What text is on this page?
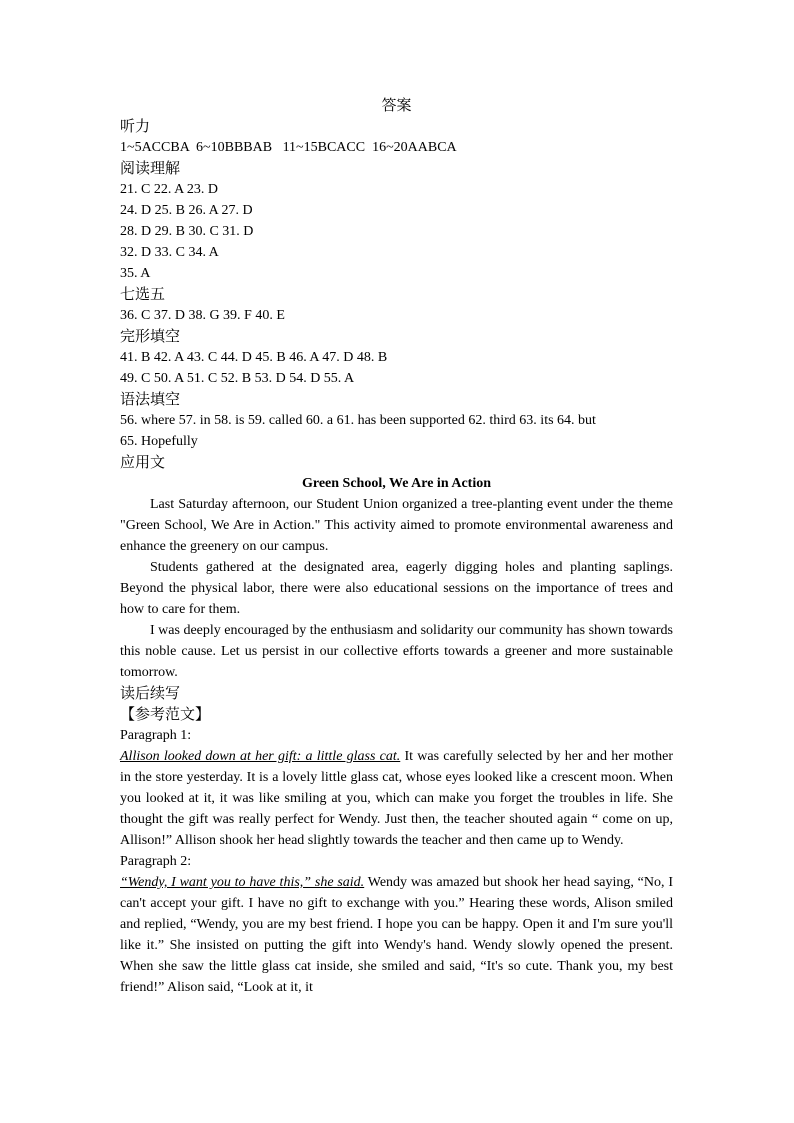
答案

听力

1~5ACCBA  6~10BBBAB   11~15BCACC  16~20AABCA

阅读理解

21. C 22. A 23. D

24. D 25. B 26. A 27. D

28. D 29. B 30. C 31. D

32. D 33. C 34. A

35. A

七选五

36. C 37. D 38. G 39. F 40. E

完形填空

41. B 42. A 43. C 44. D 45. B 46. A 47. D 48. B

49. C 50. A 51. C 52. B 53. D 54. D 55. A

语法填空

56. where 57. in 58. is 59. called 60. a 61. has been supported 62. third 63. its 64. but

65. Hopefully

应用文

Green School, We Are in Action

Last Saturday afternoon, our Student Union organized a tree-planting event under the theme "Green School, We Are in Action." This activity aimed to promote environmental awareness and enhance the greenery on our campus.

Students gathered at the designated area, eagerly digging holes and planting saplings. Beyond the physical labor, there were also educational sessions on the importance of trees and how to care for them.

I was deeply encouraged by the enthusiasm and solidarity our community has shown towards this noble cause. Let us persist in our collective efforts towards a greener and more sustainable tomorrow.

读后续写

【参考范文】

Paragraph 1:

Allison looked down at her gift: a little glass cat. It was carefully selected by her and her mother in the store yesterday. It is a lovely little glass cat, whose eyes looked like a crescent moon. When you looked at it, it was like smiling at you, which can make you forget the troubles in life. She thought the gift was really perfect for Wendy. Just then, the teacher shouted again “ come on up, Allison!” Allison shook her head slightly towards the teacher and then came up to Wendy.

Paragraph 2:

“Wendy, I want you to have this,” she said. Wendy was amazed but shook her head saying, “No, I can't accept your gift. I have no gift to exchange with you.” Hearing these words, Alison smiled and replied, “Wendy, you are my best friend. I hope you can be happy. Open it and I'm sure you'll like it.” She insisted on putting the gift into Wendy's hand. Wendy slowly opened the present. When she saw the little glass cat inside, she smiled and said, “It's so cute. Thank you, my best friend!” Alison said, “Look at it, it
